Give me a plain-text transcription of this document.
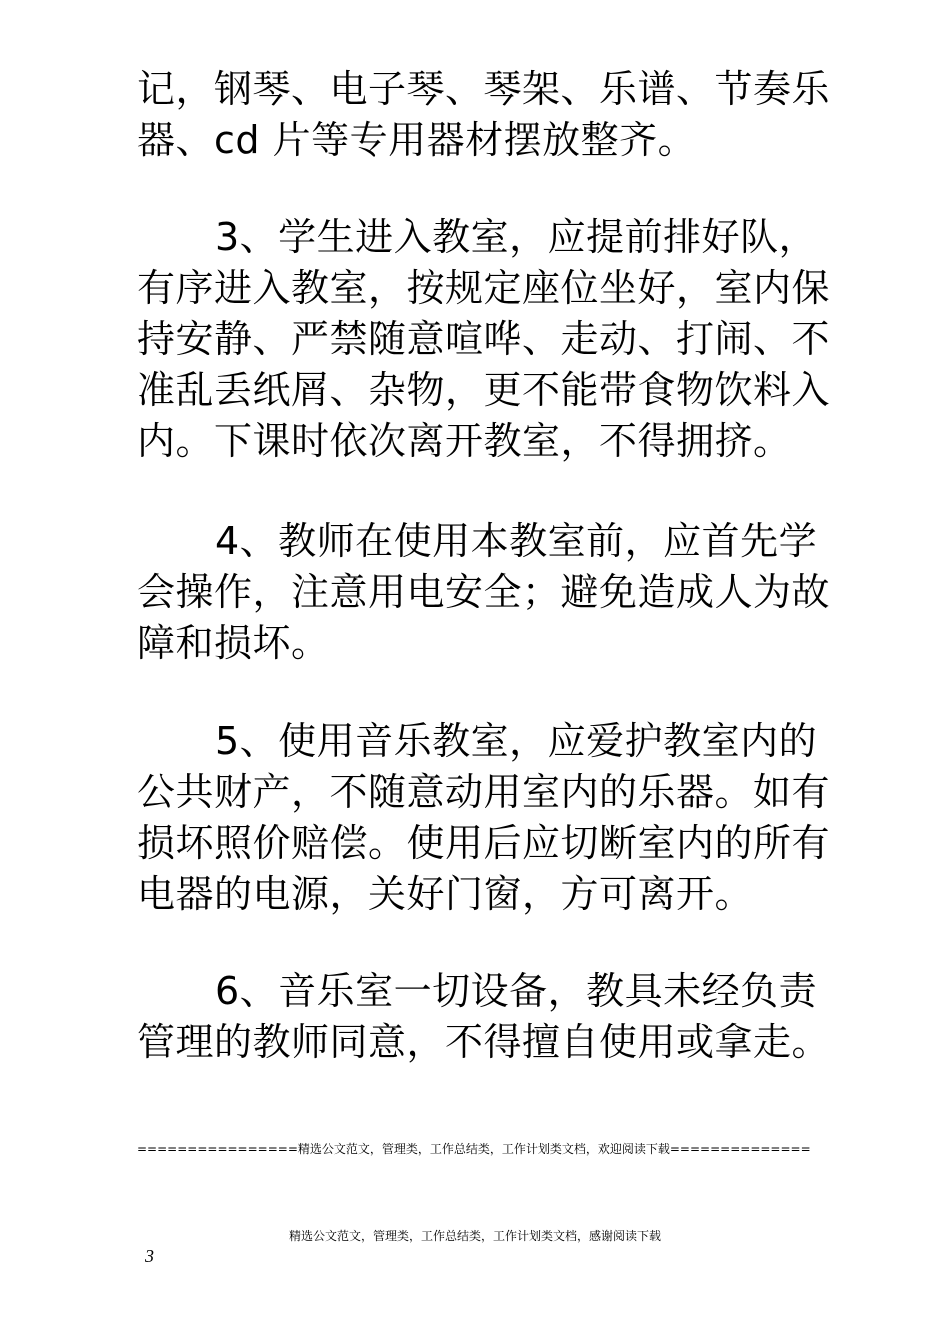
记，钢琴、电子琴、琴架、乐谱、节奏乐器、cd 片等专用器材摆放整齐。

3、学生进入教室，应提前排好队，有序进入教室，按规定座位坐好，室内保持安静、严禁随意喧哗、走动、打闹、不准乱丢纸屑、杂物，更不能带食物饮料入内。下课时依次离开教室，不得拥挤。

4、教师在使用本教室前，应首先学会操作，注意用电安全；避免造成人为故障和损坏。

5、使用音乐教室，应爱护教室内的公共财产，不随意动用室内的乐器。如有损坏照价赔偿。使用后应切断室内的所有电器的电源，关好门窗，方可离开。

6、音乐室一切设备，教具未经负责管理的教师同意，不得擅自使用或拿走。

================精选公文范文，管理类，工作总结类，工作计划类文档，欢迎阅读下载==============
精选公文范文，管理类，工作总结类，工作计划类文档，感谢阅读下载
3
